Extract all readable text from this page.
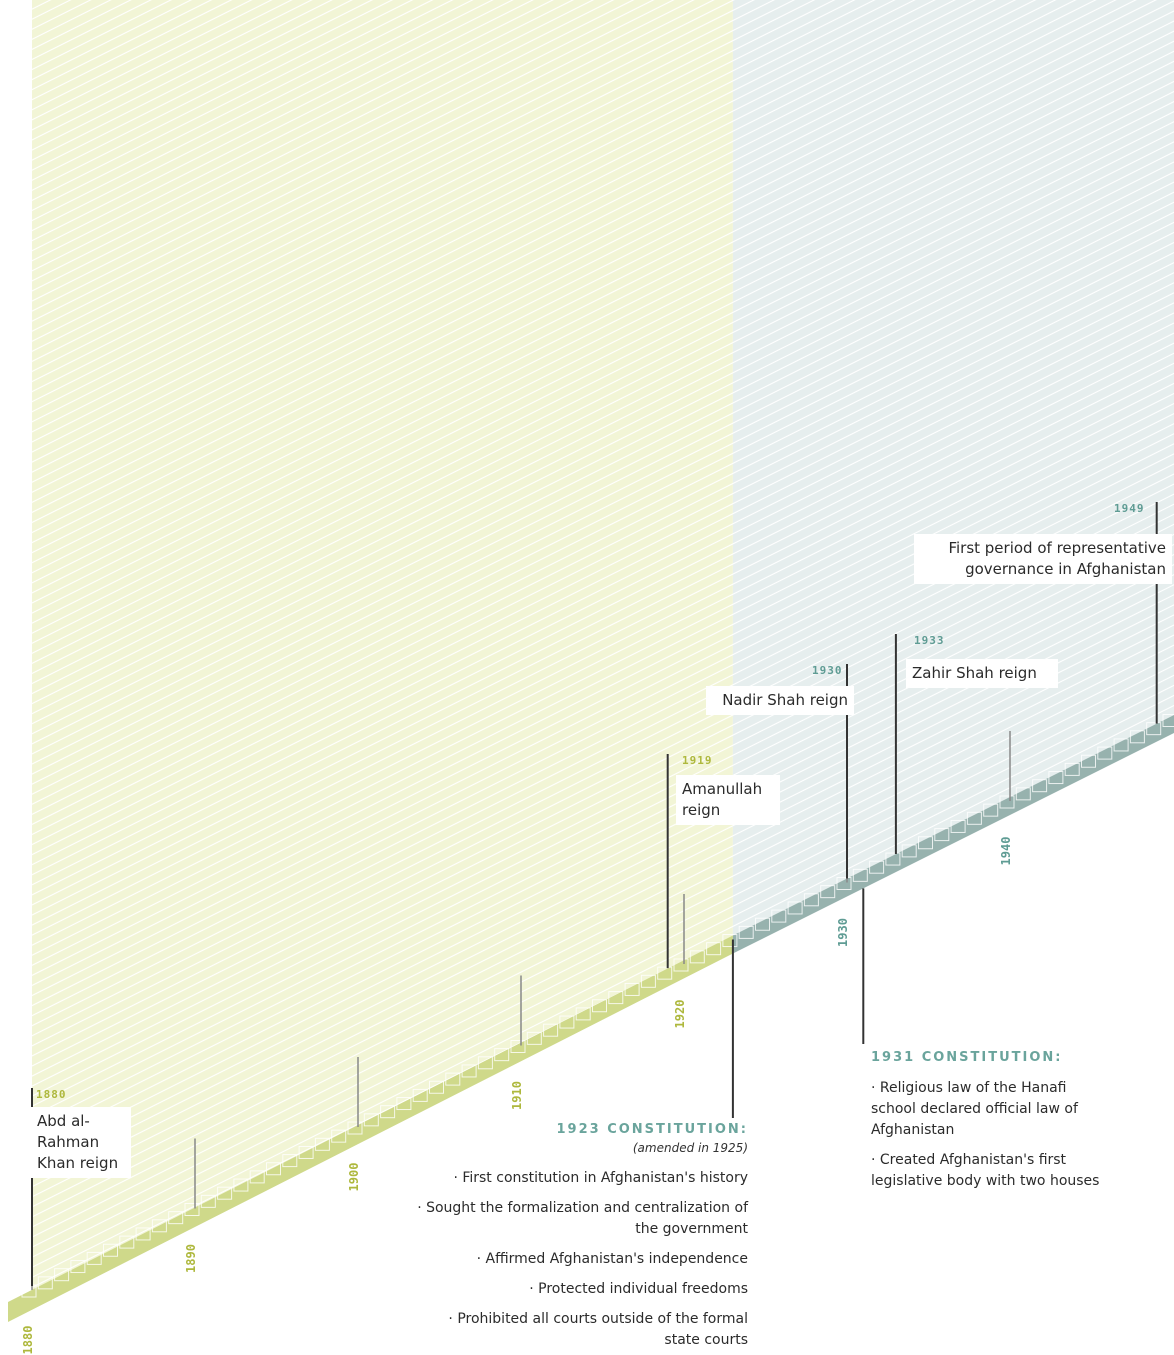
1880
1890
1900
1910
1920
1930
1940
1880
Abd al-Rahman Khan reign
1919
Amanullah reign
1930
Nadir Shah reign
1933
Zahir Shah reign
1949
First period of representative governance in Afghanistan
1923 CONSTITUTION:
(amended in 1925)
· First constitution in Afghanistan's history
· Sought the formalization and centralization of the government
· Affirmed Afghanistan's independence
· Protected individual freedoms
· Prohibited all courts outside of the formal state courts
1931 CONSTITUTION:
· Religious law of the Hanafi school declared official law of Afghanistan
· Created Afghanistan's first legislative body with two houses
